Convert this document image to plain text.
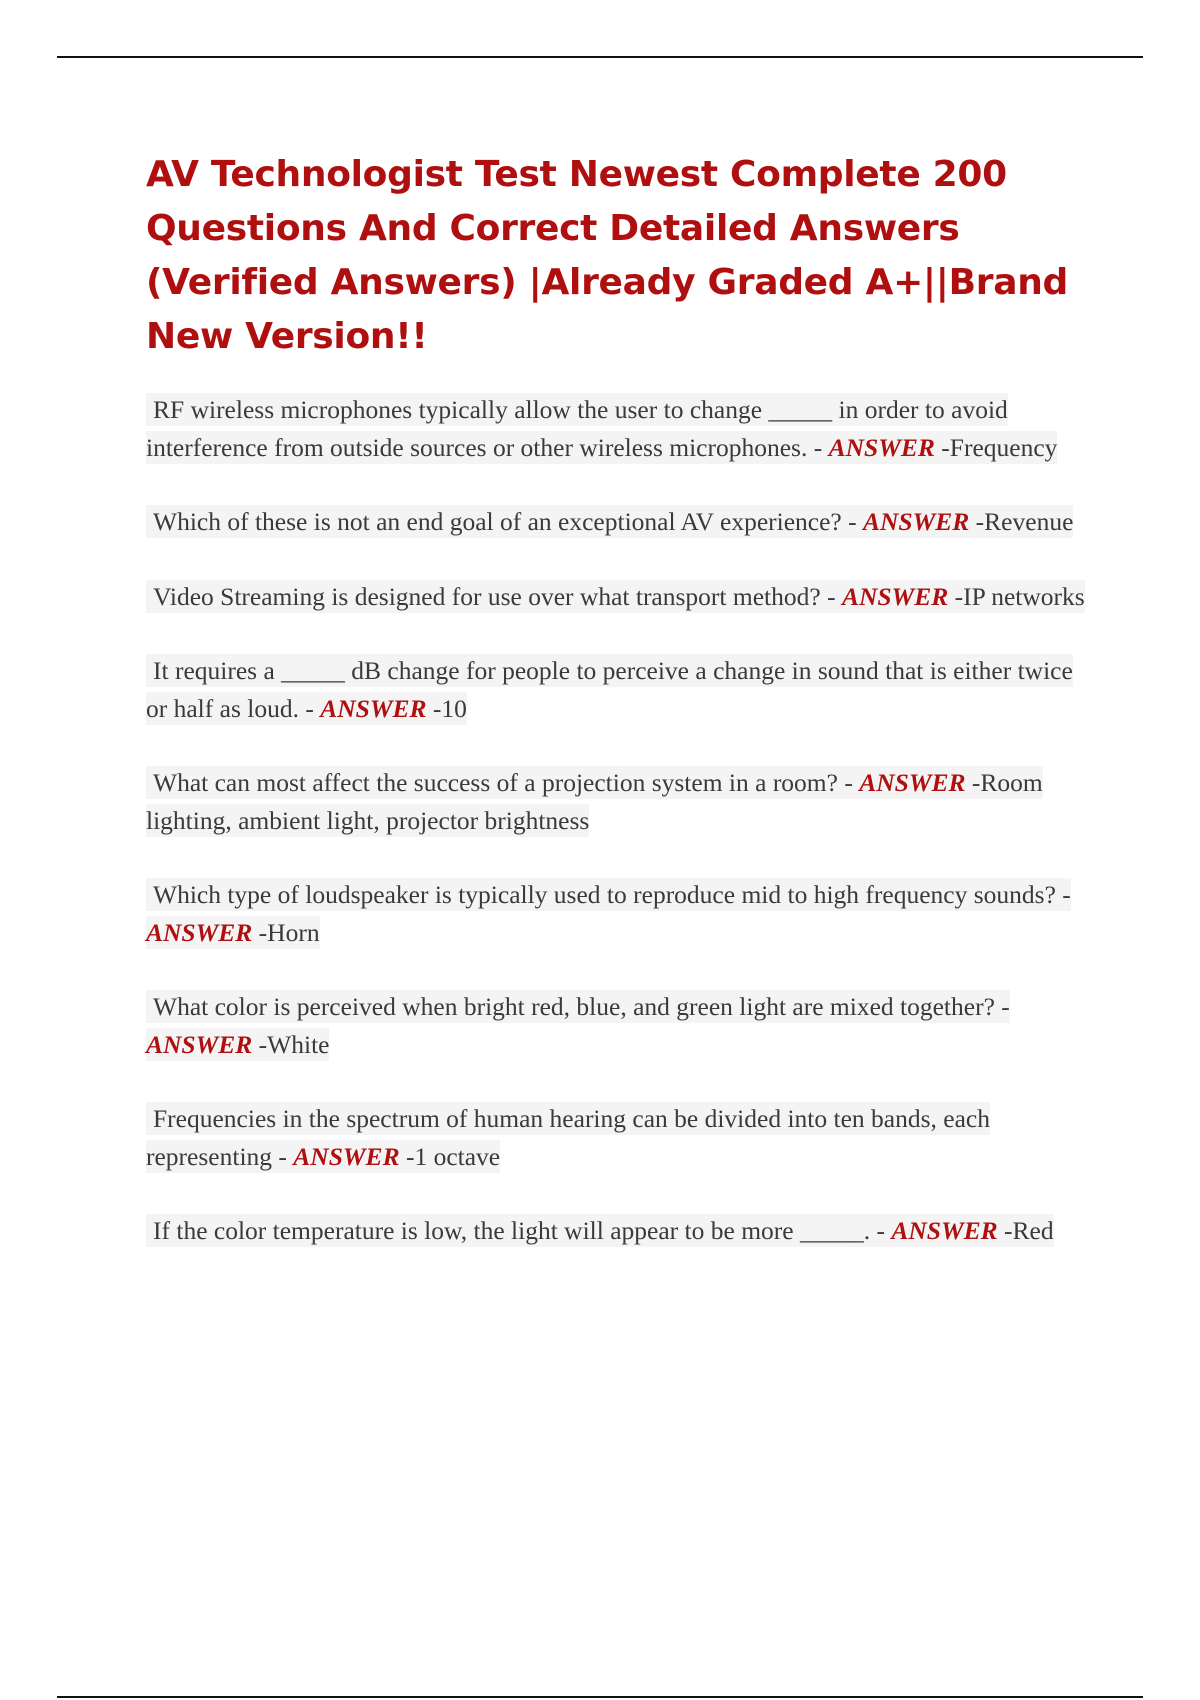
AV Technologist Test Newest Complete 200 Questions And Correct Detailed Answers (Verified Answers) |Already Graded A+||Brand New Version!!
RF wireless microphones typically allow the user to change _____ in order to avoid interference from outside sources or other wireless microphones. - ANSWER -Frequency
Which of these is not an end goal of an exceptional AV experience? - ANSWER -Revenue
Video Streaming is designed for use over what transport method? - ANSWER -IP networks
It requires a _____ dB change for people to perceive a change in sound that is either twice or half as loud. - ANSWER -10
What can most affect the success of a projection system in a room? - ANSWER -Room lighting, ambient light, projector brightness
Which type of loudspeaker is typically used to reproduce mid to high frequency sounds? - ANSWER -Horn
What color is perceived when bright red, blue, and green light are mixed together? - ANSWER -White
Frequencies in the spectrum of human hearing can be divided into ten bands, each representing - ANSWER -1 octave
If the color temperature is low, the light will appear to be more _____. - ANSWER -Red
